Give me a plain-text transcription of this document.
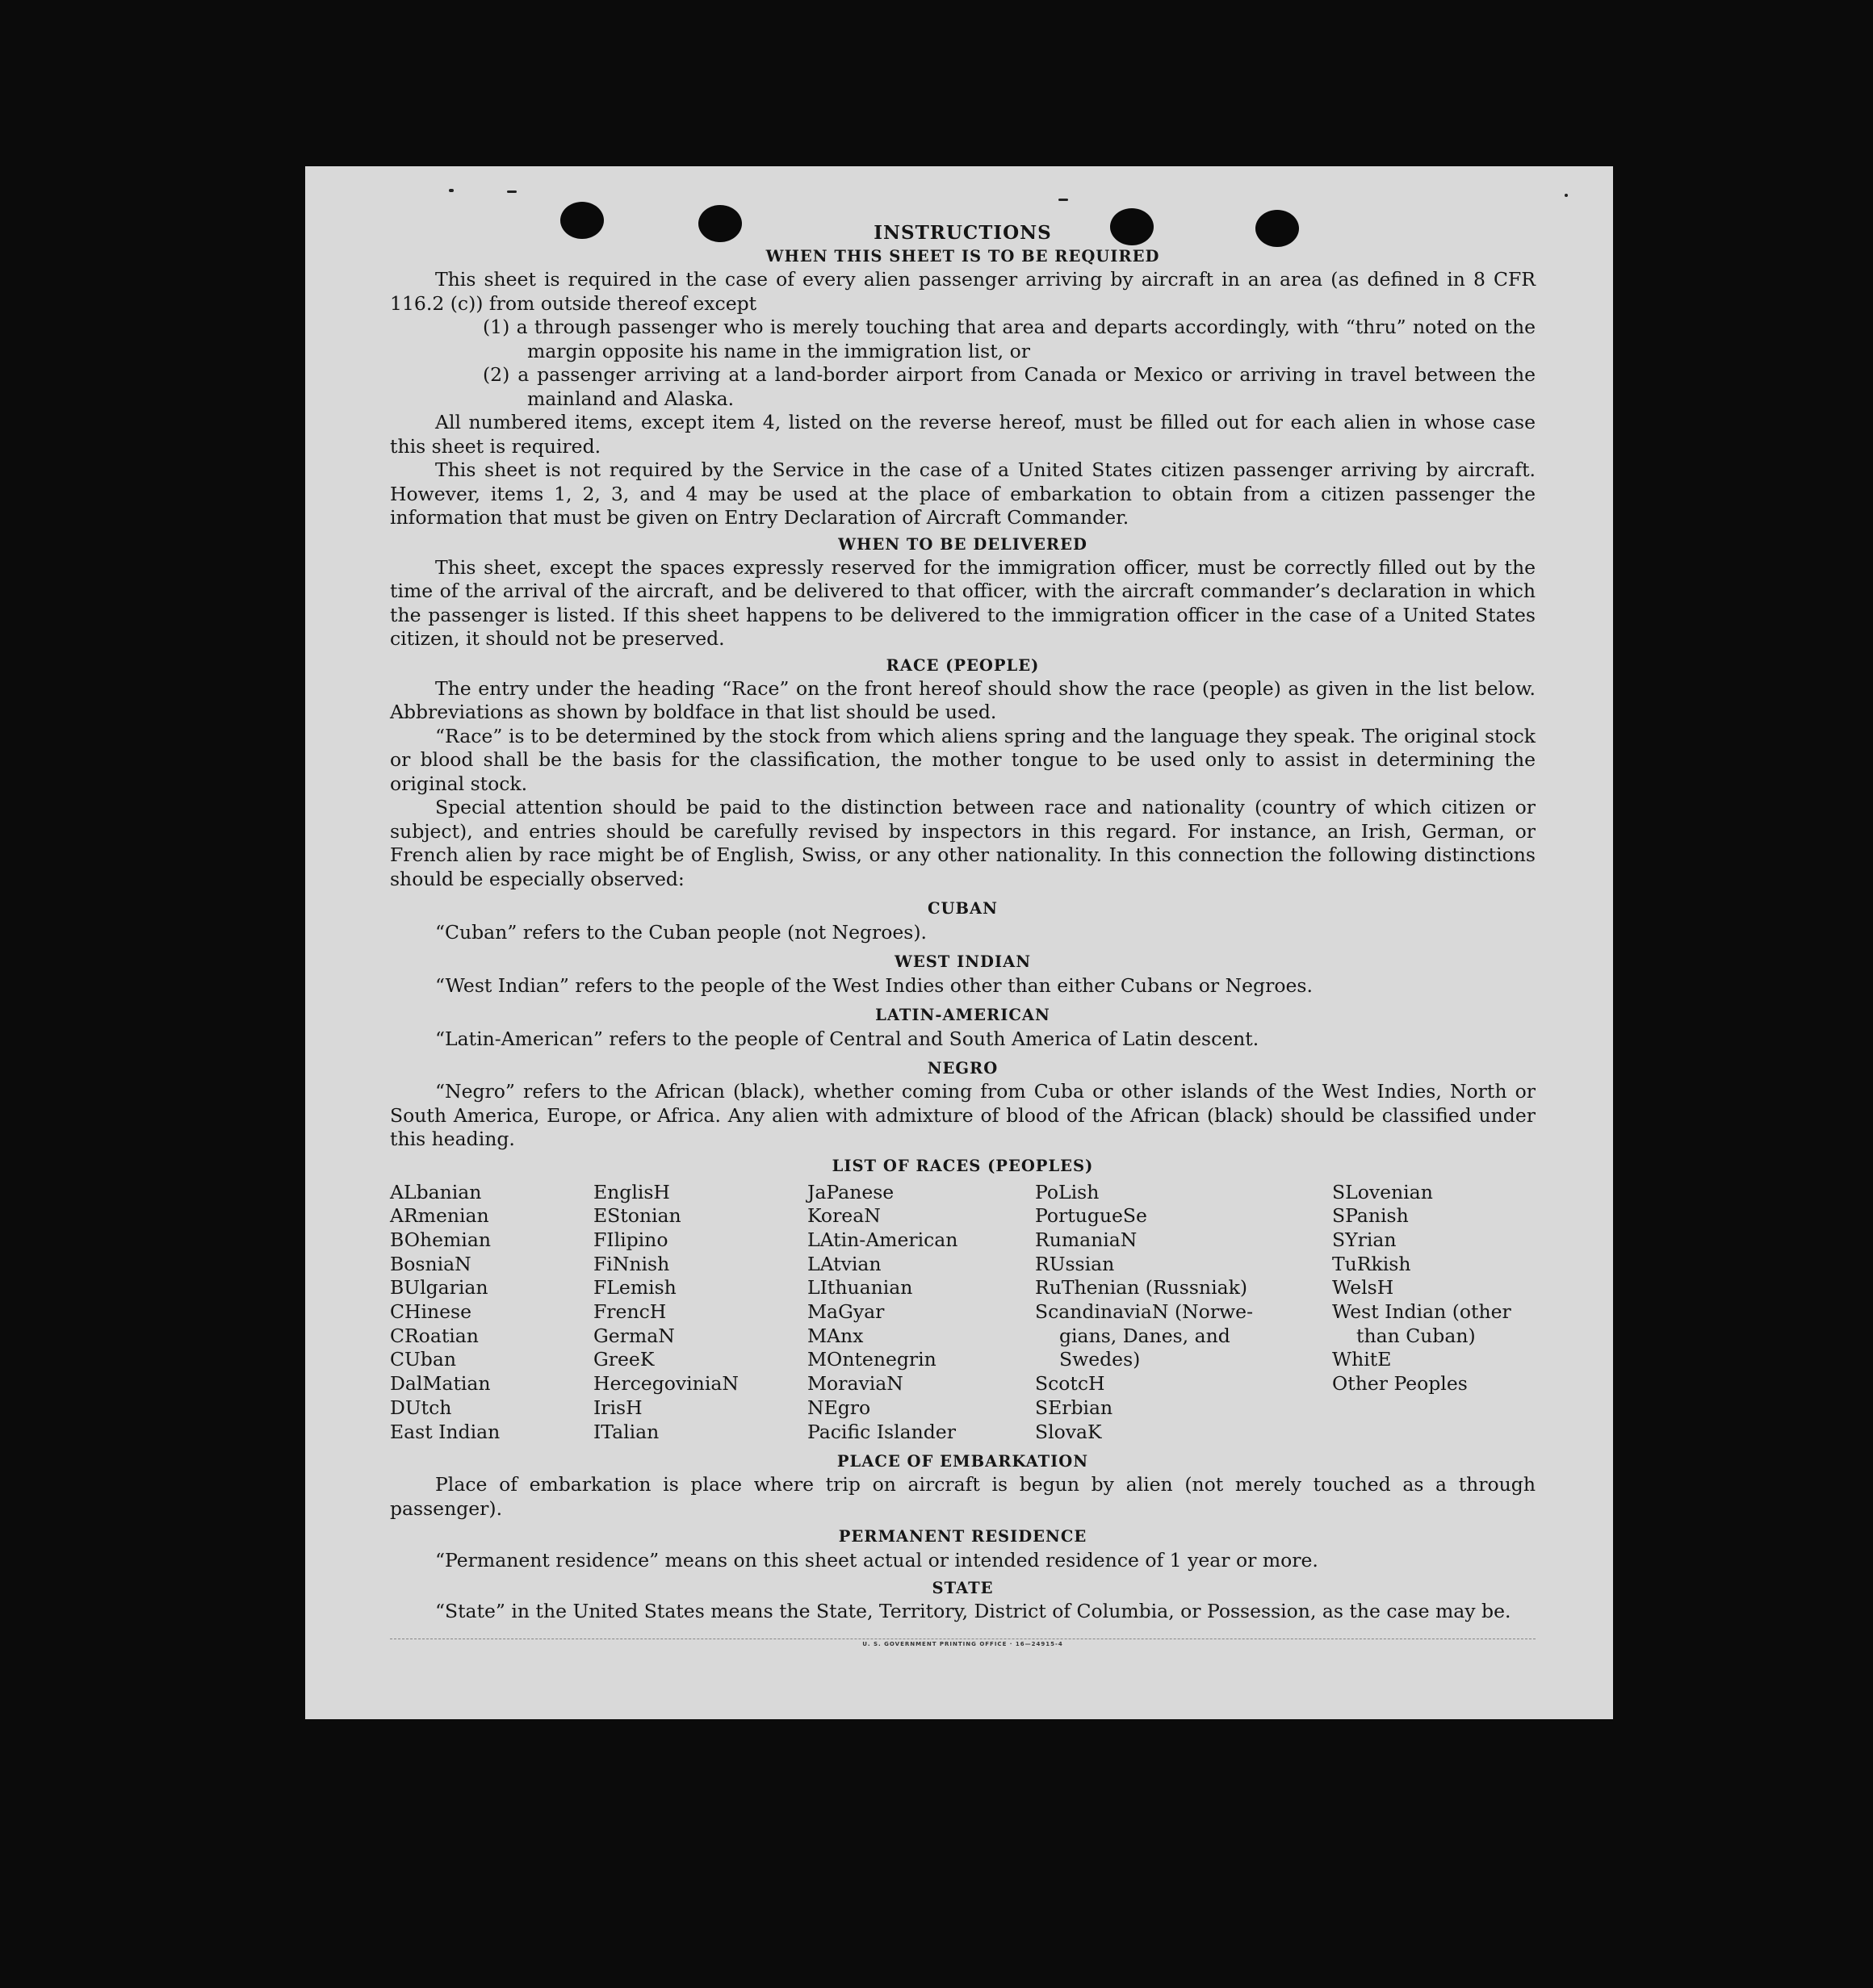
INSTRUCTIONS

WHEN THIS SHEET IS TO BE REQUIRED

This sheet is required in the case of every alien passenger arriving by aircraft in an area (as defined in 8 CFR 116.2 (c)) from outside thereof except

(1) a through passenger who is merely touching that area and departs accordingly, with “thru” noted on the margin opposite his name in the immigration list, or

(2) a passenger arriving at a land-border airport from Canada or Mexico or arriving in travel between the mainland and Alaska.

All numbered items, except item 4, listed on the reverse hereof, must be filled out for each alien in whose case this sheet is required.

This sheet is not required by the Service in the case of a United States citizen passenger arriving by aircraft. However, items 1, 2, 3, and 4 may be used at the place of embarkation to obtain from a citizen passenger the information that must be given on Entry Declaration of Aircraft Commander.

WHEN TO BE DELIVERED

This sheet, except the spaces expressly reserved for the immigration officer, must be correctly filled out by the time of the arrival of the aircraft, and be delivered to that officer, with the aircraft commander’s declaration in which the passenger is listed. If this sheet happens to be delivered to the immigration officer in the case of a United States citizen, it should not be preserved.

RACE (PEOPLE)

The entry under the heading “Race” on the front hereof should show the race (people) as given in the list below. Abbreviations as shown by boldface in that list should be used.

“Race” is to be determined by the stock from which aliens spring and the language they speak. The original stock or blood shall be the basis for the classification, the mother tongue to be used only to assist in determining the original stock.

Special attention should be paid to the distinction between race and nationality (country of which citizen or subject), and entries should be carefully revised by inspectors in this regard. For instance, an Irish, German, or French alien by race might be of English, Swiss, or any other nationality. In this connection the following distinctions should be especially observed:

CUBAN

“Cuban” refers to the Cuban people (not Negroes).

WEST INDIAN

“West Indian” refers to the people of the West Indies other than either Cubans or Negroes.

LATIN-AMERICAN

“Latin-American” refers to the people of Central and South America of Latin descent.

NEGRO

“Negro” refers to the African (black), whether coming from Cuba or other islands of the West Indies, North or South America, Europe, or Africa. Any alien with admixture of blood of the African (black) should be classified under this heading.

LIST OF RACES (PEOPLES)

ALbanian
ARmenian
BOhemian
BosniaN
BUlgarian
CHinese
CRoatian
CUban
DalMatian
DUtch
East Indian
EnglisH
EStonian
FIlipino
FiNnish
FLemish
FrencH
GermaN
GreeK
HercegoviniaN
IrisH
ITalian
JaPanese
KoreaN
LAtin-American
LAtvian
LIthuanian
MaGyar
MAnx
MOntenegrin
MoraviaN
NEgro
Pacific Islander
PoLish
PortugueSe
RumaniaN
RUssian
RuThenian (Russniak)
ScandinaviaN (Norwe-
gians, Danes, and
Swedes)
ScotcH
SErbian
SlovaK
SLovenian
SPanish
SYrian
TuRkish
WelsH
West Indian (other
than Cuban)
WhitE
Other Peoples

PLACE OF EMBARKATION

Place of embarkation is place where trip on aircraft is begun by alien (not merely touched as a through passenger).

PERMANENT RESIDENCE

“Permanent residence” means on this sheet actual or intended residence of 1 year or more.

STATE

“State” in the United States means the State, Territory, District of Columbia, or Possession, as the case may be.

U. S. GOVERNMENT PRINTING OFFICE · 16—24915-4
